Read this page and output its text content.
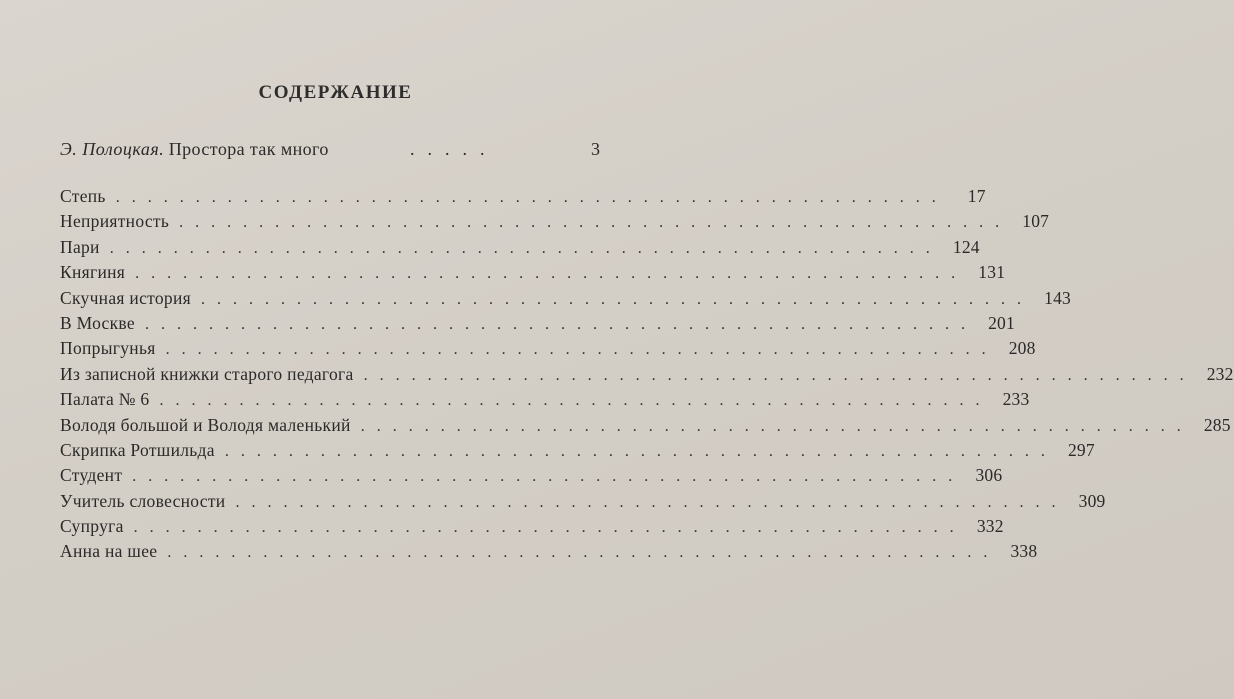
СОДЕРЖАНИЕ
Э. Полоцкая. Простора так много	.....	3
Степь ....................................................	17
Неприятность .................................................... 107
Пари .................................................... 124
Княгиня .................................................... 131
Скучная история .................................................... 143
В Москве .................................................... 201
Попрыгунья .................................................... 208
Из записной книжки старого педагога .................................................... 232
Палата № 6 .................................................... 233
Володя большой и Володя маленький .................................................... 285
Скрипка Ротшильда .................................................... 297
Студент .................................................... 306
Учитель словесности .................................................... 309
Супруга .................................................... 332
Анна на шее .................................................... 338
